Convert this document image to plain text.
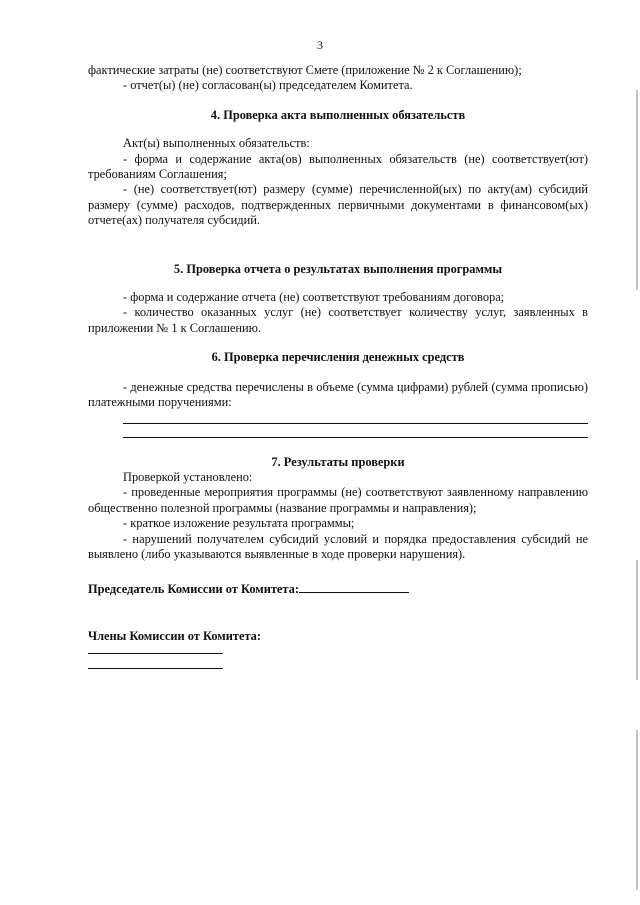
3

фактические затраты (не) соответствуют Смете (приложение № 2 к Соглашению);

- отчет(ы) (не) согласован(ы) председателем Комитета.

4. Проверка акта выполненных обязательств

Акт(ы) выполненных обязательств:

- форма и содержание акта(ов) выполненных обязательств (не) соответствует(ют) требованиям Соглашения;

- (не) соответствует(ют) размеру (сумме) перечисленной(ых) по акту(ам) субсидий размеру (сумме) расходов, подтвержденных первичными документами в финансовом(ых) отчете(ах) получателя субсидий.

5. Проверка отчета о результатах выполнения программы

- форма и содержание отчета (не) соответствуют требованиям договора;

- количество оказанных услуг (не) соответствует количеству услуг, заявленных в приложении № 1 к Соглашению.

6. Проверка перечисления денежных средств

- денежные средства перечислены в объеме (сумма цифрами) рублей (сумма прописью) платежными поручениями:

7. Результаты проверки

Проверкой установлено:

- проведенные мероприятия программы (не) соответствуют заявленному направлению общественно полезной программы (название программы и направления);

- краткое изложение результата программы;

- нарушений получателем субсидий условий и порядка предоставления субсидий не выявлено (либо указываются выявленные в ходе проверки нарушения).

Председатель Комиссии от Комитета:

Члены Комиссии от Комитета:
